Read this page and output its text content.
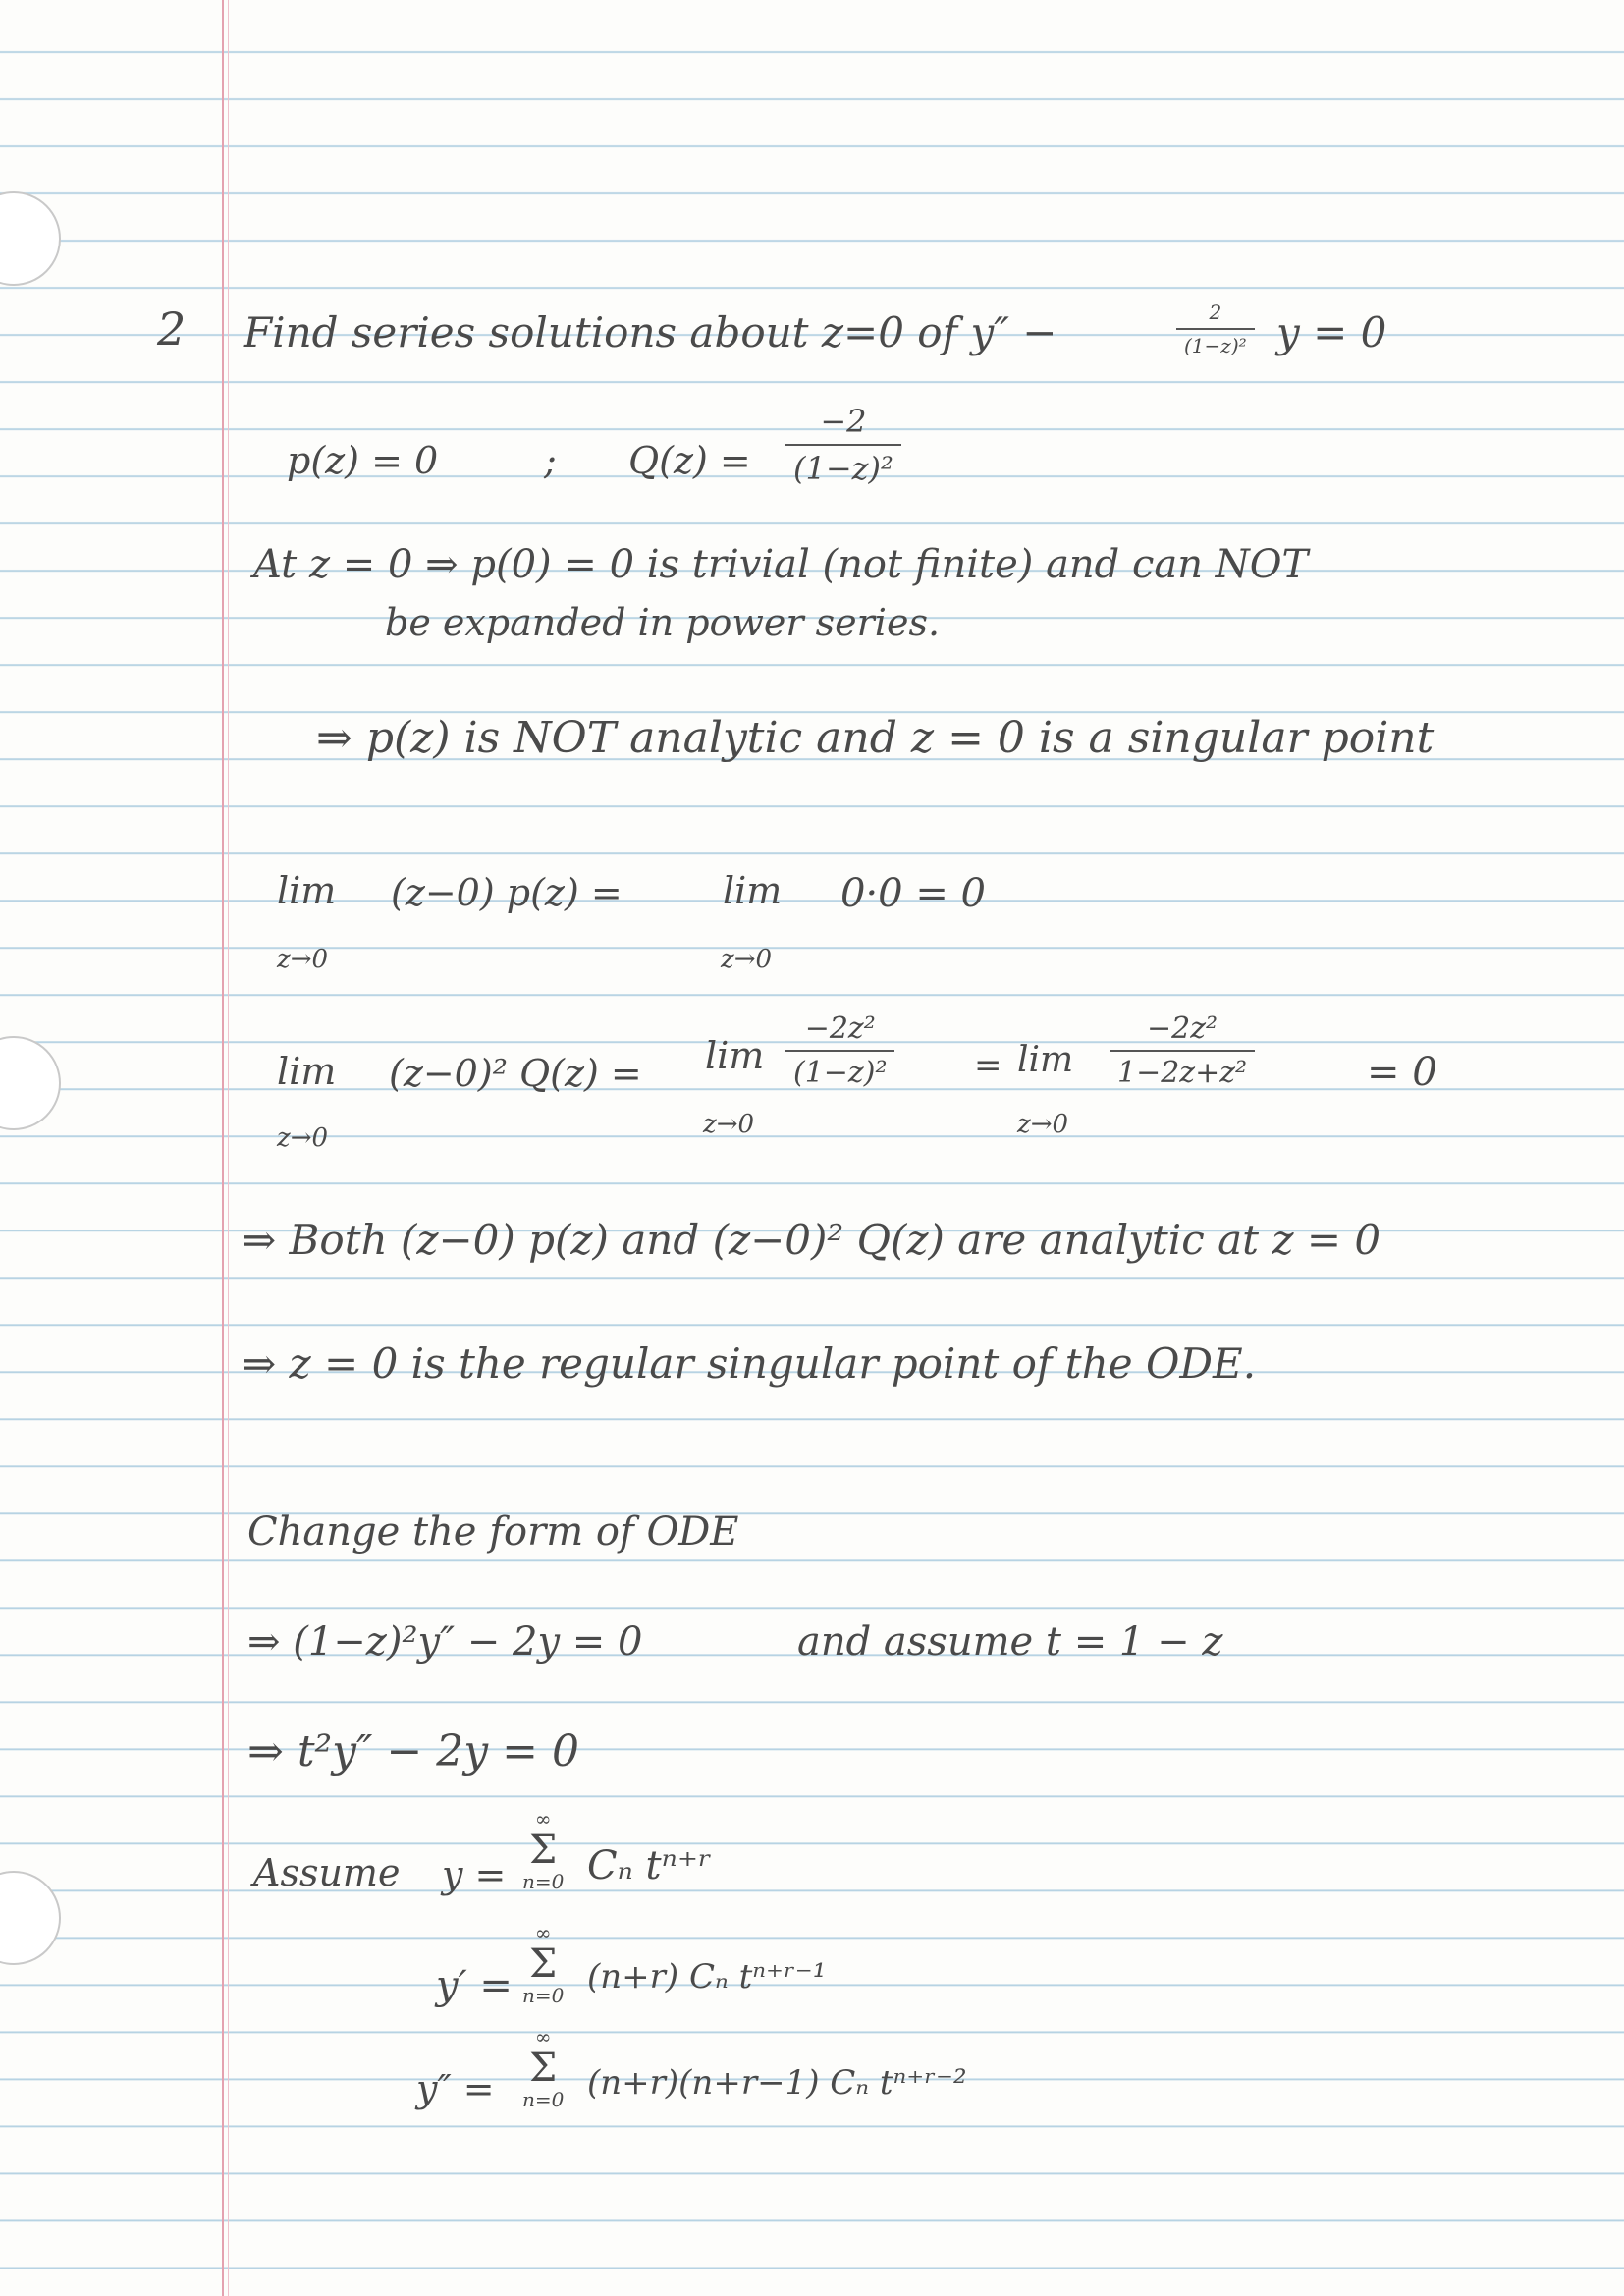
2 Find series solutions about z=0 of y″ −	$\frac{2}{\text{(1−z)²}}$ y = 0

p(z) = 0	; $Q(z) = \frac{-2}{\text{(1−z)²}}$

At z = 0 ⇒ p(0) = 0 is trivial (not finite) and can NOT

be expanded in power series.

⇒ p(z) is NOT analytic and z = 0 is a singular point

lim

z→0

(z−0) p(z) =	lim

z→0

0·0 = 0

lim

z→0

(z−0)² Q(z) = lim

z→0

$\frac{\text{−2z²}}{\text{(1−z)²}} = \lim$

z→0

$\frac{\text{−2z²}}{\text{1−2z+z²}}$	= 0

⇒ Both (z−0) p(z) and (z−0)² Q(z) are analytic at z = 0

⇒ z = 0 is the regular singular point of the ODE.

Change the form of ODE

⇒ (1−z)²y″ − 2y = 0	and assume t = 1 − z

⇒ t²y″ − 2y = 0

Assume y =

∞
Σ
n=0 Cₙ tⁿ⁺ʳ

y′ =

∞
Σ
n=0 (n+r) Cₙ tⁿ⁺ʳ⁻¹

y″ =

∞
Σ
n=0 (n+r)(n+r−1) Cₙ tⁿ⁺ʳ⁻²
